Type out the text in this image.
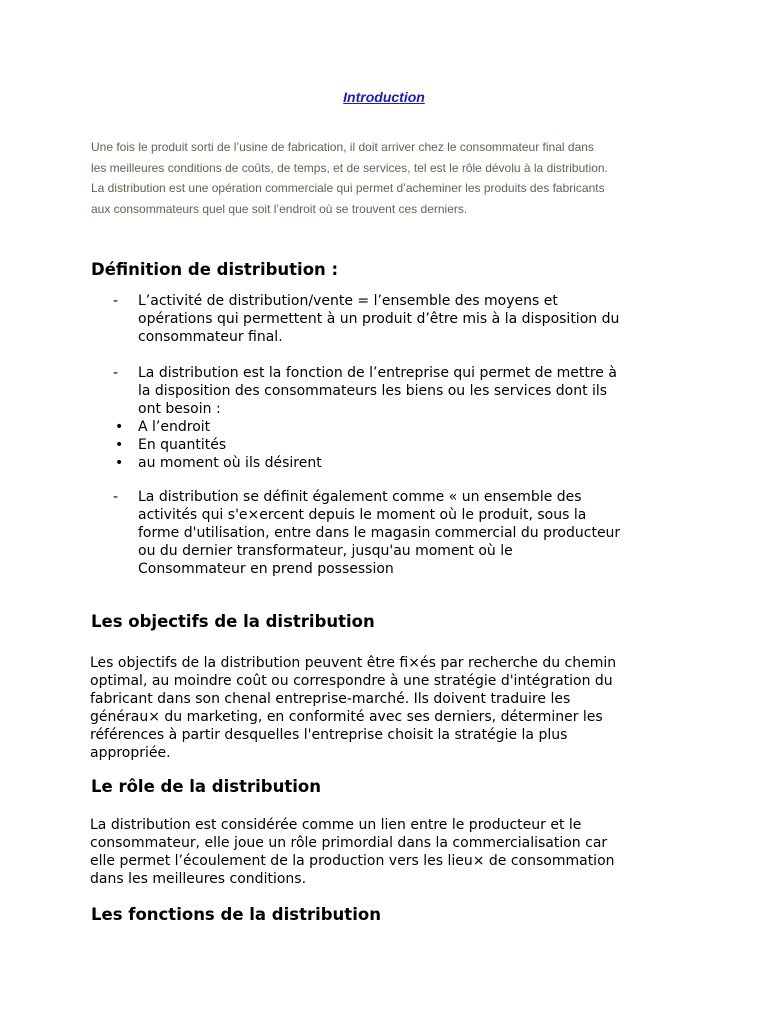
Introduction
Une fois le produit sorti de l’usine de fabrication, il doit arriver chez le consommateur final dans
les meilleures conditions de coûts, de temps, et de services, tel est le rôle dévolu à la distribution.
La distribution est une opération commerciale qui permet d’acheminer les produits des fabricants
aux consommateurs quel que soit l’endroit où se trouvent ces derniers.
Définition de distribution :
- L’activité de distribution/vente = l’ensemble des moyens et
opérations qui permettent à un produit d’être mis à la disposition du
consommateur final.
- La distribution est la fonction de l’entreprise qui permet de mettre à
la disposition des consommateurs les biens ou les services dont ils
ont besoin :
• A l’endroit
• En quantités
• au moment où ils désirent
- La distribution se définit également comme « un ensemble des
activités qui s'e×ercent depuis le moment où le produit, sous la
forme d'utilisation, entre dans le magasin commercial du producteur
ou du dernier transformateur, jusqu'au moment où le
Consommateur en prend possession
Les objectifs de la distribution
Les objectifs de la distribution peuvent être fi×és par recherche du chemin
optimal, au moindre coût ou correspondre à une stratégie d'intégration du
fabricant dans son chenal entreprise-marché. Ils doivent traduire les
générau× du marketing, en conformité avec ses derniers, déterminer les
références à partir desquelles l'entreprise choisit la stratégie la plus
appropriée.
Le rôle de la distribution
La distribution est considérée comme un lien entre le producteur et le
consommateur, elle joue un rôle primordial dans la commercialisation car
elle permet l’écoulement de la production vers les lieu× de consommation
dans les meilleures conditions.
Les fonctions de la distribution
